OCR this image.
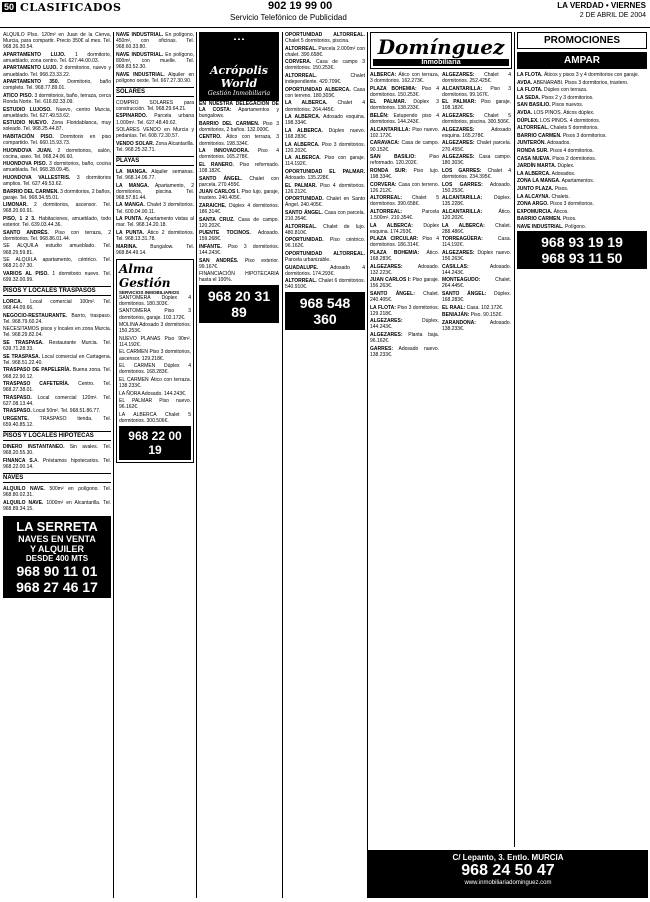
50 CLASIFICADOS	902 19 99 00
Servicio Telefónico de Publicidad
LA VERDAD • VIERNES
2 DE ABRIL DE 2004

ALQUILO PIso. 120m² en Juan de la Cierva, Murcia, para compartir. Precio 350€ al mes. Tel. 968.26.30.54.

APARTAMENTO LUJO. 1 dormitorio, amueblado, zona centro. Tel. 627.44.00.03.

APARTAMENTO LUJO. 2 dormitorios, nuevo y amueblado. Tel. 968.23.33.22.

APARTAMENTO 350. Dormitorio, baño completo. Tel. 968.77.89.01.

ATICO PISO. 3 dormitorios, baño, terraza, cerca Ronda Norte. Tel. 616.82.33.09.

ESTUDIO LUJOSO. Nuevo, centro Murcia, amueblado. Tel. 627.49.53.62.

ESTUDIO NUEVO. Zona Floridablanca, muy soleado. Tel. 968.25.44.87.

HABITACIÓN PISO. Dormitorio en piso compartido. Tel. 660.15.93.73.

HUONDOVA JUAN. 2 dormitorios, salón, cocina, aseo. Tel. 968.24.06.60.

HUONDOVA PISO. 3 dormitorios, baño, cocina amueblada. Tel. 968.28.09.45.

HUONDOVA VALLESTRIS. 3 dormitorios amplios. Tel. 627.49.53.62.

BARRIO DEL CARMEN. 3 dormitorios, 2 baños, garaje. Tel. 968.34.55.01.

LIMONAR. 2 dormitorios, ascensor. Tel. 968.20.60.91.

PISO, 1 2 3. Habitaciones, amueblado, todo exterior. Tel. 639.03.44.36.

SANTO ANDRÉS. Piso con terraza, 2 dormitorios. Tel. 968.86.01.44.

SE ALQUILA estudio amueblado. Tel. 968.29.59.81.

SE ALQUILA apartamento, céntrico. Tel. 968.21.07.30.

VARIOS AL PISO. 1 dormitorio nuevo. Tel. 699.32.00.99.

PISOS Y LOCALES TRASPASOS

LORCA. Local comercial 100m². Tel. 968.44.09.66.

NEGOCIO-RESTAURANTE. Barrio, traspaso. Tel. 968.79.60.24.

NECESITAMOS pisos y locales en zona Murcia. Tel. 968.29.82.04.

SE TRASPASA. Restaurante Murcia. Tel. 639.71.28.33.

SE TRASPASA. Local comercial en Cartagena. Tel. 968.51.22.40.

TRASPASO DE PAPELERÍA. Buena zona. Tel. 968.22.90.12.

TRASPASO CAFETERÍA. Centro. Tel. 968.27.38.01.

TRASPASO. Local comercial 120m². Tel. 627.08.13.44.

TRASPASO. Local 50m². Tel. 968.51.86.77.

URGENTE. TRASPASO tienda. Tel. 659.40.85.12.

PISOS Y LOCALES HIPOTECAS

DINERO INSTANTANEO. Sin avales. Tel. 968.20.55.30.

FINANCA S.A. Préstamos hipotecarios. Tel. 968.22.00.14.

NAVES

ALQUILO NAVE. 500m² en polígono. Tel. 968.80.02.31.

ALQUILO NAVE. 1000m² en Alcantarilla. Tel. 968.89.34.15.

LA SERRETA
NAVES EN VENTA
Y ALQUILER
DESDE 400 MTS
968 90 11 01
968 27 46 17

NAVE INDUSTRIAL. En polígono, 450m², con oficinas. Tel. 968.60.33.80.

NAVE INDUSTRIAL. En polígono, 800m², con muelle. Tel. 968.83.52.30.

NAVE INDUSTRIAL. Alquiler en polígono oeste. Tel. 667.27.30.90.

SOLARES

COMPRO SOLARES para construcción. Tel. 968.29.64.21.

ESPINARDO. Parcela urbana 1.000m². Tel. 627.48.49.62.

SOLARES VENDO en Murcia y pedanías. Tel. 608.72.30.57.

VENDO SOLAR. Zona Alcantarilla. Tel. 968.25.32.71.

PLAYAS

LA MANGA. Alquiler semanas. Tel. 968.14.06.77.

LA MANGA. Apartamento, 2 dormitorios, piscina. Tel. 968.57.81.44.

LA MANGA. Chalet 3 dormitorios. Tel. 600.04.90.11.

LA PUNTA. Apartamento vistas al mar. Tel. 968.14.20.18.

LA PUNTA. Ático 2 dormitorios. Tel. 968.13.31.78.

MARINA. Bungalow. Tel. 968.84.49.14.

Alma Gestión
SERVICIOS INMOBILIARIOS

SANTOMERA Dúplex 4 dormitorios. 180.303€.

SANTOMERA Piso 3 dormitorios, garaje. 102.172€.

MOLINA Adosado 3 dormitorios. 150.253€.

NUEVO PLANAS Piso 90m². 114.192€.

EL CARMEN Piso 3 dormitorios, ascensor. 129.218€.

EL CARMEN Dúplex 4 dormitorios. 168.283€.

EL CARMEN Ático con terraza. 138.233€.

LA ÑORA Adosado. 144.243€.

EL PALMAR Piso nuevo. 96.162€.

LA ALBERCA Chalet 5 dormitorios. 300.506€.

968 22 00 19
▲▲▲
Acrópolis World
Gestión Inmobiliaria

EN NUESTRA DELEGACIÓN DE LA COSTA: Apartamentos y bungalows.

BARRIO DEL CARMEN. Piso 3 dormitorios, 2 baños. 132.000€.

CENTRO. Ático con terraza, 3 dormitorios. 198.334€.

LA INNOVADORA. Piso 4 dormitorios. 165.278€.

EL RANERO. Piso reformado. 108.182€.

SANTO ÁNGEL. Chalet con parcela. 270.455€.

JUAN CARLOS I. Piso lujo, garaje, trastero. 240.405€.

ZARAICHE. Dúplex 4 dormitorios. 186.314€.

SANTA CRUZ. Casa de campo. 120.202€.

PUENTE TOCINOS. Adosado. 159.268€.

INFANTE. Piso 3 dormitorios. 144.243€.

SAN ANDRÉS. Piso exterior. 99.167€.

FINANCIACIÓN HIPOTECARIA hasta el 100%.

968 20 31 89

OPORTUNIDAD ALTORREAL. Chalet 5 dormitorios, piscina.

ALTORREAL. Parcela 2.000m² con chalet. 390.658€.

CORVERA. Casa de campo 3 dormitorios. 150.253€.

ALTORREAL. Chalet independiente. 420.709€.

OPORTUNIDAD ALBERCA. Casa con terreno. 180.303€.

LA ALBERCA. Chalet 4 dormitorios. 264.445€.

LA ALBERCA. Adosado esquina. 198.334€.

LA ALBERCA. Dúplex nuevo. 168.283€.

LA ALBERCA. Piso 3 dormitorios. 120.202€.

LA ALBERCA. Piso con garaje. 114.192€.

OPORTUNIDAD EL PALMAR. Adosado. 135.228€.

EL PALMAR. Piso 4 dormitorios. 126.212€.

OPORTUNIDAD. Chalet en Santo Ángel. 240.405€.

SANTO ÁNGEL. Casa con parcela. 210.354€.

ALTORREAL. Chalet de lujo. 480.810€.

OPORTUNIDAD. Piso céntrico. 96.162€.

OPORTUNIDAD ALTORREAL. Parcela urbanizable.

GUADALUPE. Adosado 4 dormitorios. 174.293€.

ALTORREAL. Chalet 6 dormitorios. 540.910€.

968 548 360
Domínguez
Inmobiliaria

ALBERCA: Ático con terraza, 3 dormitorios. 162.273€.

PLAZA BOHEMIA: Piso 4 dormitorios. 150.253€.

EL PALMAR. Dúplex 3 dormitorios. 138.233€.

BELÉN: Estupendo piso 4 dormitorios. 144.243€.

ALCANTARILLA: Piso nuevo. 102.172€.

CARAVACA: Casa de campo. 90.152€.

SAN BASILIO: Piso reformado. 120.202€.

RONDA SUR: Piso lujo. 198.334€.

CORVERA: Casa con terreno. 126.212€.

ALTORREAL: Chalet 5 dormitorios. 390.658€.

ALTORREAL: Parcela 1.500m². 210.354€.

LA ALBERCA: Dúplex esquina. 174.293€.

PLAZA CIRCULAR: Piso 4 dormitorios. 186.314€.

PLAZA BOHEMIA: Ático. 168.283€.

ALGEZARES: Adosado. 132.223€.

JUAN CARLOS I: Piso garaje. 156.263€.

SANTO ÁNGEL: Chalet. 240.405€.

LA FLOTA: Piso 3 dormitorios. 129.218€.

ALGEZARES: Dúplex. 144.243€.

ALGEZARES: Planta baja. 96.162€.

GARRES: Adosado nuevo. 138.233€.

ALGEZARES: Chalet 4 dormitorios. 252.425€.

ALCANTARILLA: Piso 3 dormitorios. 99.167€.

EL PALMAR: Piso garaje. 108.182€.

ALGEZARES: Chalet 5 dormitorios, piscina. 300.506€.

ALGEZARES: Adosado esquina. 165.278€.

ALGEZARES: Chalet parcela. 270.455€.

ALGEZARES: Casa campo. 180.303€.

LOS GARRES: Chalet 4 dormitorios. 234.395€.

LOS GARRES: Adosado. 150.253€.

ALCANTARILLA: Dúplex. 135.228€.

ALCANTARILLA: Ático. 120.202€.

LA ALBERCA: Chalet. 288.486€.

TORREAGÜERA: Casa. 114.192€.

ALGEZARES: Dúplex nuevo. 156.263€.

CASILLAS: Adosado. 144.243€.

MONTEAGUDO: Chalet. 264.445€.

SANTO ÁNGEL: Dúplex. 168.283€.

EL RAAL: Casa. 102.172€.

BENIAJÁN: Piso. 90.152€.

ZARANDONA: Adosado. 138.233€.

C/ Lepanto, 3. Entlo. MURCIA
968 24 50 47
www.inmobiliariadominguez.com
PROMOCIONES
AMPAR

LA FLOTA. Áticos y pisos 3 y 4 dormitorios con garaje.

AVDA. ABENARABI. Pisos 3 dormitorios, trastero.

LA FLOTA. Dúplex con terraza.

LA SEDA. Pisos 2 y 3 dormitorios.

SAN BASILIO. Pisos nuevos.

AVDA. LOS PINOS. Áticos dúplex.

DÚPLEX. LOS PINOS. 4 dormitorios.

ALTORREAL. Chalets 5 dormitorios.

BARRIO CARMEN. Pisos 3 dormitorios.

JUNTERÓN. Adosados.

RONDA SUR. Pisos 4 dormitorios.

CASA NUEVA. Pisos 2 dormitorios.

JARDÍN MARTA. Dúplex.

LA ALBERCA. Adosados.

ZONA LA MANGA. Apartamentos.

JUNTO PLAZA. Pisos.

LA ALCAYNA. Chalets.

ZONA ARGO. Pisos 3 dormitorios.

EXPOMURCIA. Áticos.

BARRIO CARMEN. Pisos.

NAVE INDUSTRIAL. Polígono.

968 93 19 19
968 93 11 50
